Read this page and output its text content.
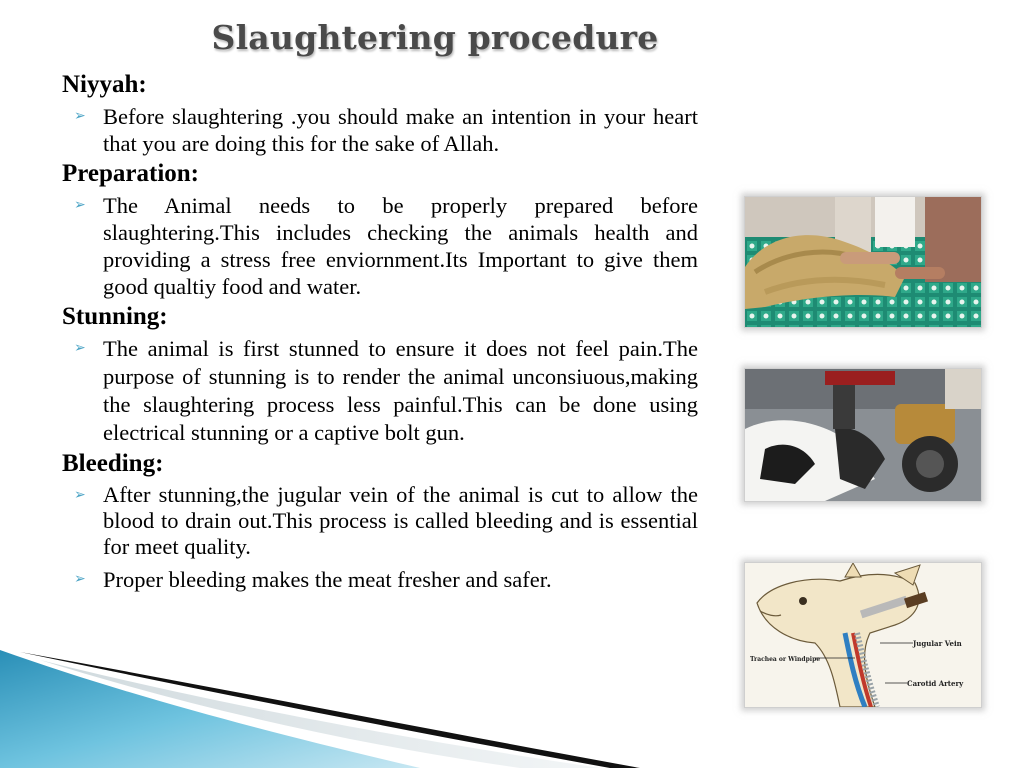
Slaughtering procedure

Niyyah:

➢ Before slaughtering .you should make an intention in your heart that you are doing this for the sake of Allah.

Preparation:

➢ The Animal needs to be properly prepared before slaughtering.This includes checking the animals health and providing a stress free enviornment.Its Important to give them good qualtiy food and water.

Stunning:

➢ The animal is first stunned to ensure it does not feel pain.The purpose of stunning is to render the animal unconsiuous,making the slaughtering process less painful.This can be done using electrical stunning or a captive bolt gun.

Bleeding:

➢ After stunning,the jugular vein of the animal is cut to allow the blood to drain out.This process is called bleeding and is essential for meet quality.
➢ Proper bleeding makes the meat fresher and safer.
Jugular Vein
Trachea or Windpipe
Carotid Artery
